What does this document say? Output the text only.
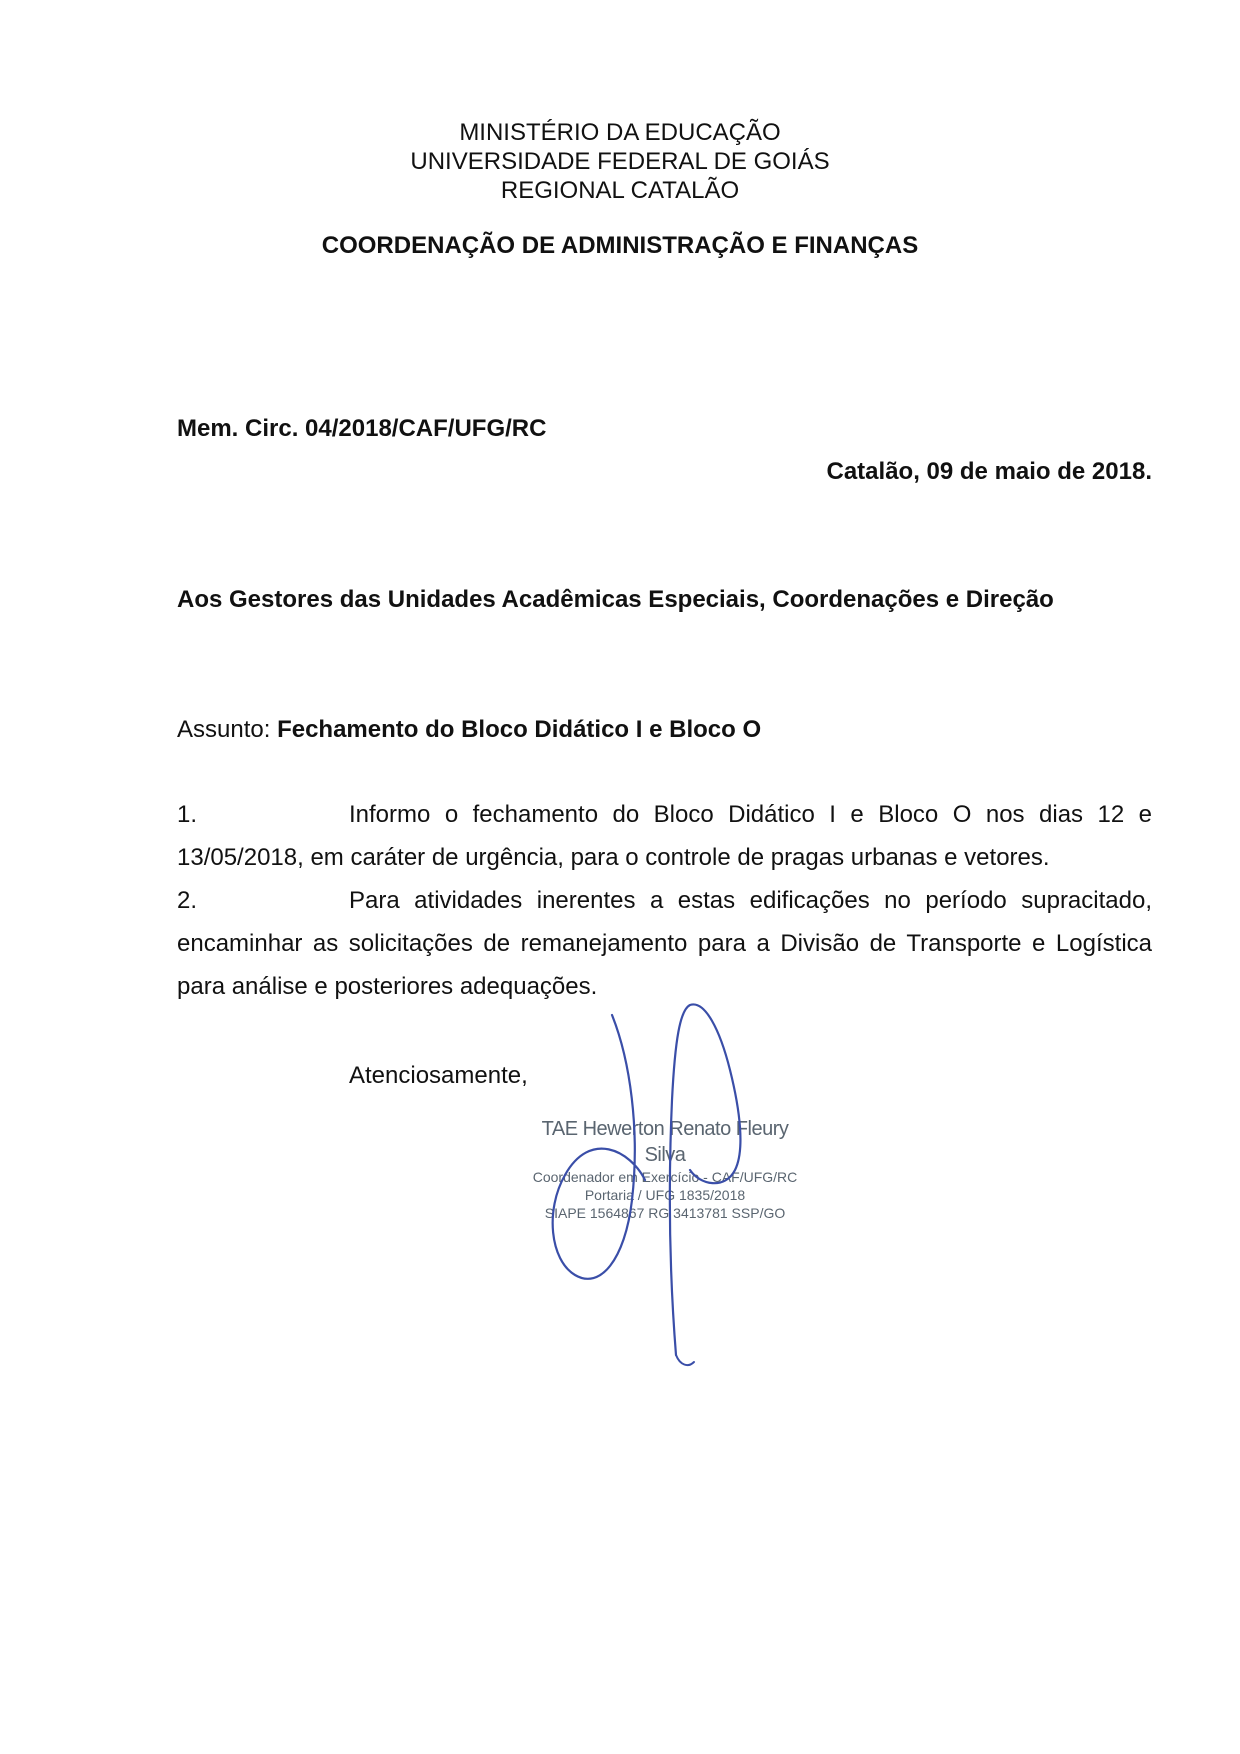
MINISTÉRIO DA EDUCAÇÃO
UNIVERSIDADE FEDERAL DE GOIÁS
REGIONAL CATALÃO
COORDENAÇÃO DE ADMINISTRAÇÃO E FINANÇAS
Mem. Circ. 04/2018/CAF/UFG/RC
Catalão, 09 de maio de 2018.
Aos Gestores das Unidades Acadêmicas Especiais, Coordenações e Direção
Assunto: Fechamento do Bloco Didático I e Bloco O
1.	Informo o fechamento do Bloco Didático I e Bloco O nos dias 12 e 13/05/2018, em caráter de urgência, para o controle de pragas urbanas e vetores.
2.	Para atividades inerentes a estas edificações no período supracitado, encaminhar as solicitações de remanejamento para a Divisão de Transporte e Logística para análise e posteriores adequações.
Atenciosamente,
TAE Hewerton Renato Fleury Silva
Coordenador em Exercício - CAF/UFG/RC
Portaria / UFG 1835/2018
SIAPE 1564867 RG 3413781 SSP/GO
